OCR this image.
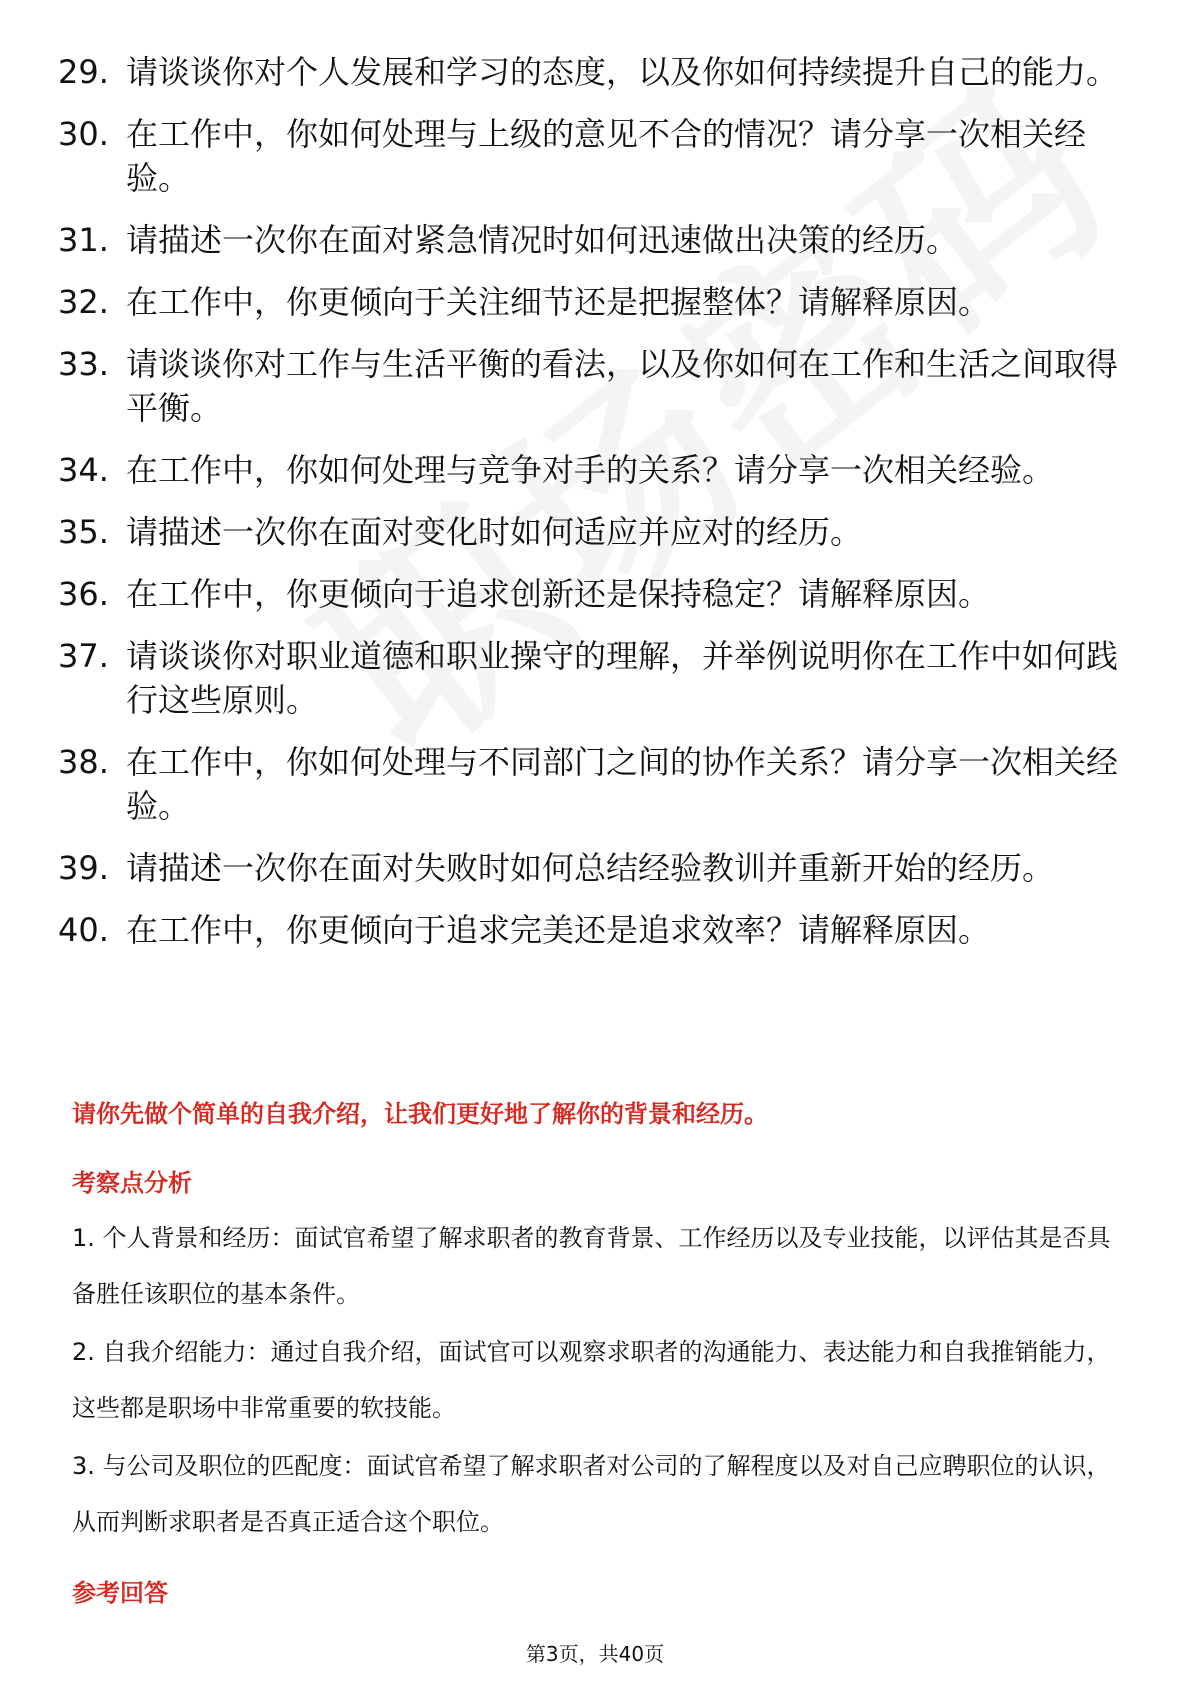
29. 请谈谈你对个人发展和学习的态度，以及你如何持续提升自己的能力。
30. 在工作中，你如何处理与上级的意见不合的情况？请分享一次相关经验。
31. 请描述一次你在面对紧急情况时如何迅速做出决策的经历。
32. 在工作中，你更倾向于关注细节还是把握整体？请解释原因。
33. 请谈谈你对工作与生活平衡的看法，以及你如何在工作和生活之间取得平衡。
34. 在工作中，你如何处理与竞争对手的关系？请分享一次相关经验。
35. 请描述一次你在面对变化时如何适应并应对的经历。
36. 在工作中，你更倾向于追求创新还是保持稳定？请解释原因。
37. 请谈谈你对职业道德和职业操守的理解，并举例说明你在工作中如何践行这些原则。
38. 在工作中，你如何处理与不同部门之间的协作关系？请分享一次相关经验。
39. 请描述一次你在面对失败时如何总结经验教训并重新开始的经历。
40. 在工作中，你更倾向于追求完美还是追求效率？请解释原因。
请你先做个简单的自我介绍，让我们更好地了解你的背景和经历。
考察点分析
1. 个人背景和经历：面试官希望了解求职者的教育背景、工作经历以及专业技能，以评估其是否具备胜任该职位的基本条件。
2. 自我介绍能力：通过自我介绍，面试官可以观察求职者的沟通能力、表达能力和自我推销能力，这些都是职场中非常重要的软技能。
3. 与公司及职位的匹配度：面试官希望了解求职者对公司的了解程度以及对自己应聘职位的认识，从而判断求职者是否真正适合这个职位。
参考回答
第3页，共40页
